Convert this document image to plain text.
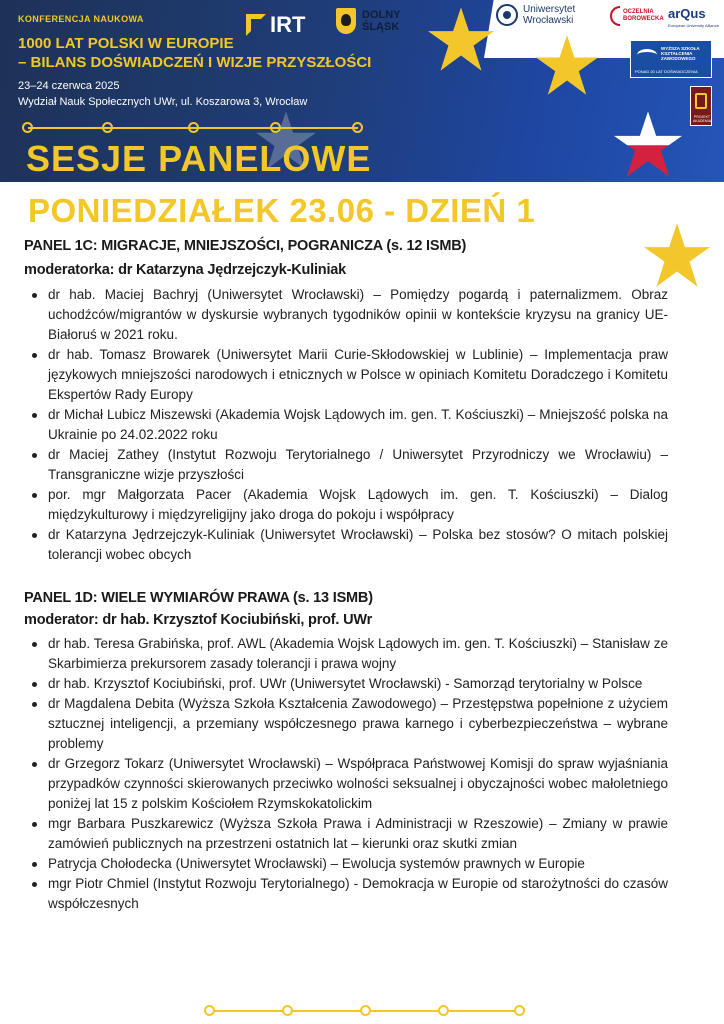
KONFERENCJA NAUKOWA
1000 LAT POLSKI W EUROPIE
– BILANS DOŚWIADCZEŃ I WIZJE PRZYSZŁOŚCI
23–24 czerwca 2025
Wydział Nauk Społecznych UWr, ul. Koszarowa 3, Wrocław
SESJE PANELOWE
IRT	DOLNY
ŚLĄSK
Uniwersytet
Wrocławski
OCZELNIA
BOROWECKA arQus
European University Alliance
WYŻSZA SZKOŁA
KSZTAŁCENIA
ZAWODOWEGO
PONAD 20 LAT DOŚWIADCZENIA
PROJEKT
AKADEMIA
PONIEDZIAŁEK 23.06 - DZIEŃ 1
PANEL 1C: MIGRACJE, MNIEJSZOŚCI, POGRANICZA (s. 12 ISMB)
moderatorka: dr Katarzyna Jędrzejczyk-Kuliniak
dr hab. Maciej Bachryj (Uniwersytet Wrocławski) – Pomiędzy pogardą i paternalizmem. Obraz uchodźców/migrantów w dyskursie wybranych tygodników opinii w kontekście kryzysu na granicy UE-Białoruś w 2021 roku.
dr hab. Tomasz Browarek (Uniwersytet Marii Curie-Skłodowskiej w Lublinie) – Implementacja praw językowych mniejszości narodowych i etnicznych w Polsce w opiniach Komitetu Doradczego i Komitetu Ekspertów Rady Europy
dr Michał Lubicz Miszewski (Akademia Wojsk Lądowych im. gen. T. Kościuszki) – Mniejszość polska na Ukrainie po 24.02.2022 roku
dr Maciej Zathey (Instytut Rozwoju Terytorialnego / Uniwersytet Przyrodniczy we Wrocławiu) – Transgraniczne wizje przyszłości
por. mgr Małgorzata Pacer (Akademia Wojsk Lądowych im. gen. T. Kościuszki) – Dialog międzykulturowy i międzyreligijny jako droga do pokoju i współpracy
dr Katarzyna Jędrzejczyk-Kuliniak (Uniwersytet Wrocławski) – Polska bez stosów? O mitach polskiej tolerancji wobec obcych
PANEL 1D: WIELE WYMIARÓW PRAWA (s. 13 ISMB)
moderator: dr hab. Krzysztof Kociubiński, prof. UWr
dr hab. Teresa Grabińska, prof. AWL (Akademia Wojsk Lądowych im. gen. T. Kościuszki) – Stanisław ze Skarbimierza prekursorem zasady tolerancji i prawa wojny
dr hab. Krzysztof Kociubiński, prof. UWr (Uniwersytet Wrocławski) - Samorząd terytorialny w Polsce
dr Magdalena Debita (Wyższa Szkoła Kształcenia Zawodowego) – Przestępstwa popełnione z użyciem sztucznej inteligencji, a przemiany współczesnego prawa karnego i cyberbezpieczeństwa – wybrane problemy
dr Grzegorz Tokarz (Uniwersytet Wrocławski) – Współpraca Państwowej Komisji do spraw wyjaśniania przypadków czynności skierowanych przeciwko wolności seksualnej i obyczajności wobec małoletniego poniżej lat 15 z polskim Kościołem Rzymskokatolickim
mgr Barbara Puszkarewicz (Wyższa Szkoła Prawa i Administracji w Rzeszowie) – Zmiany w prawie zamówień publicznych na przestrzeni ostatnich lat – kierunki oraz skutki zmian
Patrycja Chołodecka (Uniwersytet Wrocławski) – Ewolucja systemów prawnych w Europie
mgr Piotr Chmiel (Instytut Rozwoju Terytorialnego) - Demokracja w Europie od starożytności do czasów współczesnych
